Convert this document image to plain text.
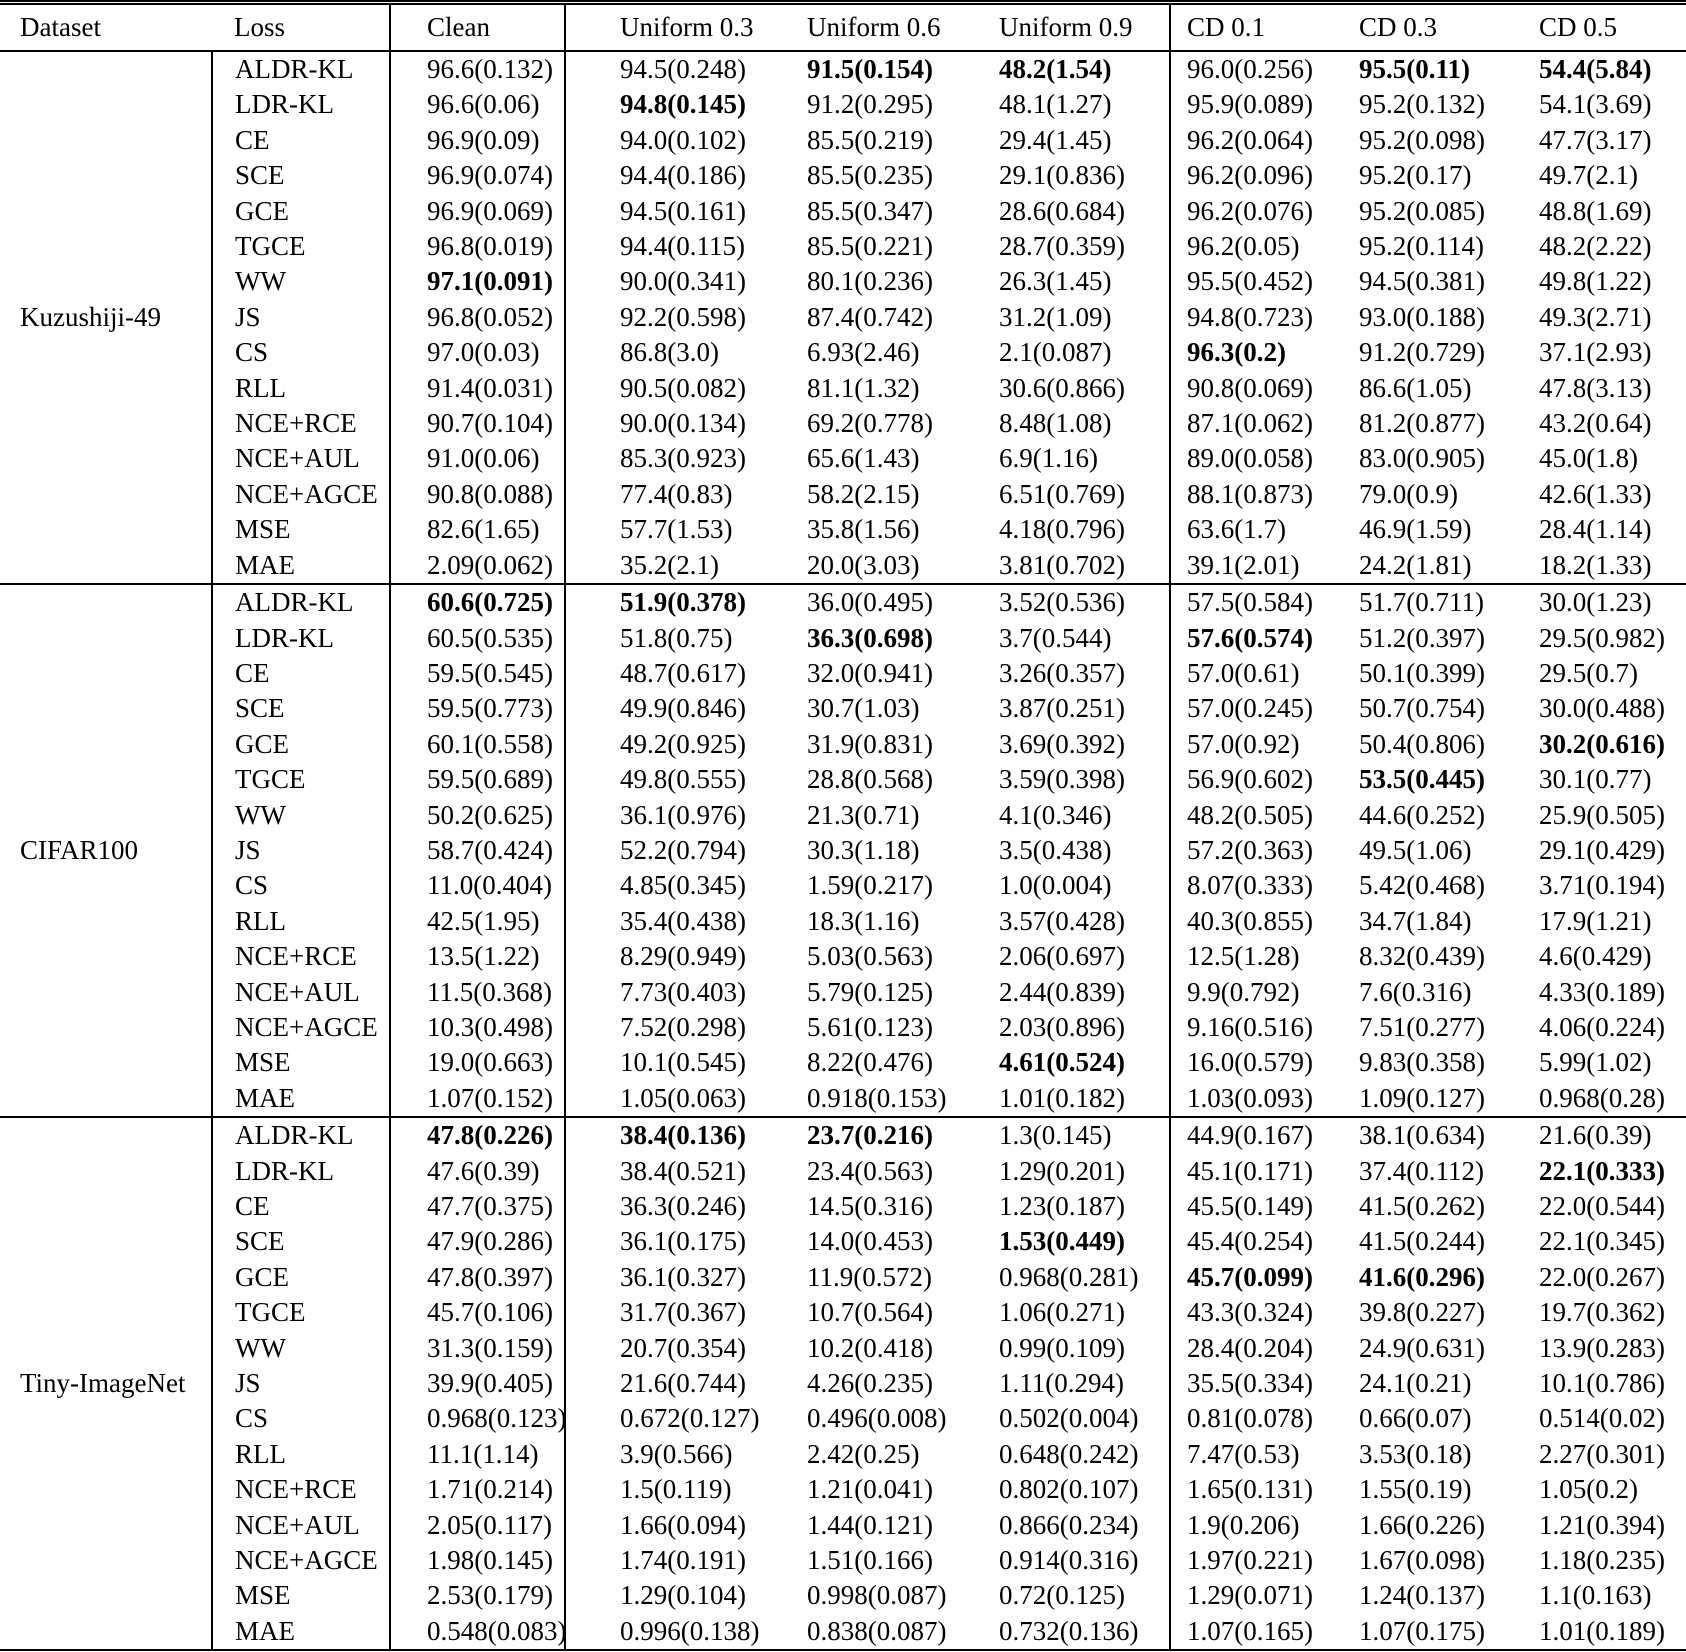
Dataset	Loss	Clean	Uniform 0.3	Uniform 0.6	Uniform 0.9	CD 0.1	CD 0.3	CD 0.5
Kuzushiji-49	ALDR-KL	96.6(0.132)	94.5(0.248)	91.5(0.154)	48.2(1.54)	96.0(0.256)	95.5(0.11)	54.4(5.84)
	LDR-KL	96.6(0.06)	94.8(0.145)	91.2(0.295)	48.1(1.27)	95.9(0.089)	95.2(0.132)	54.1(3.69)
	CE	96.9(0.09)	94.0(0.102)	85.5(0.219)	29.4(1.45)	96.2(0.064)	95.2(0.098)	47.7(3.17)
	SCE	96.9(0.074)	94.4(0.186)	85.5(0.235)	29.1(0.836)	96.2(0.096)	95.2(0.17)	49.7(2.1)
	GCE	96.9(0.069)	94.5(0.161)	85.5(0.347)	28.6(0.684)	96.2(0.076)	95.2(0.085)	48.8(1.69)
	TGCE	96.8(0.019)	94.4(0.115)	85.5(0.221)	28.7(0.359)	96.2(0.05)	95.2(0.114)	48.2(2.22)
	WW	97.1(0.091)	90.0(0.341)	80.1(0.236)	26.3(1.45)	95.5(0.452)	94.5(0.381)	49.8(1.22)
	JS	96.8(0.052)	92.2(0.598)	87.4(0.742)	31.2(1.09)	94.8(0.723)	93.0(0.188)	49.3(2.71)
	CS	97.0(0.03)	86.8(3.0)	6.93(2.46)	2.1(0.087)	96.3(0.2)	91.2(0.729)	37.1(2.93)
	RLL	91.4(0.031)	90.5(0.082)	81.1(1.32)	30.6(0.866)	90.8(0.069)	86.6(1.05)	47.8(3.13)
	NCE+RCE	90.7(0.104)	90.0(0.134)	69.2(0.778)	8.48(1.08)	87.1(0.062)	81.2(0.877)	43.2(0.64)
	NCE+AUL	91.0(0.06)	85.3(0.923)	65.6(1.43)	6.9(1.16)	89.0(0.058)	83.0(0.905)	45.0(1.8)
	NCE+AGCE	90.8(0.088)	77.4(0.83)	58.2(2.15)	6.51(0.769)	88.1(0.873)	79.0(0.9)	42.6(1.33)
	MSE	82.6(1.65)	57.7(1.53)	35.8(1.56)	4.18(0.796)	63.6(1.7)	46.9(1.59)	28.4(1.14)
	MAE	2.09(0.062)	35.2(2.1)	20.0(3.03)	3.81(0.702)	39.1(2.01)	24.2(1.81)	18.2(1.33)
CIFAR100	ALDR-KL	60.6(0.725)	51.9(0.378)	36.0(0.495)	3.52(0.536)	57.5(0.584)	51.7(0.711)	30.0(1.23)
	LDR-KL	60.5(0.535)	51.8(0.75)	36.3(0.698)	3.7(0.544)	57.6(0.574)	51.2(0.397)	29.5(0.982)
	CE	59.5(0.545)	48.7(0.617)	32.0(0.941)	3.26(0.357)	57.0(0.61)	50.1(0.399)	29.5(0.7)
	SCE	59.5(0.773)	49.9(0.846)	30.7(1.03)	3.87(0.251)	57.0(0.245)	50.7(0.754)	30.0(0.488)
	GCE	60.1(0.558)	49.2(0.925)	31.9(0.831)	3.69(0.392)	57.0(0.92)	50.4(0.806)	30.2(0.616)
	TGCE	59.5(0.689)	49.8(0.555)	28.8(0.568)	3.59(0.398)	56.9(0.602)	53.5(0.445)	30.1(0.77)
	WW	50.2(0.625)	36.1(0.976)	21.3(0.71)	4.1(0.346)	48.2(0.505)	44.6(0.252)	25.9(0.505)
	JS	58.7(0.424)	52.2(0.794)	30.3(1.18)	3.5(0.438)	57.2(0.363)	49.5(1.06)	29.1(0.429)
	CS	11.0(0.404)	4.85(0.345)	1.59(0.217)	1.0(0.004)	8.07(0.333)	5.42(0.468)	3.71(0.194)
	RLL	42.5(1.95)	35.4(0.438)	18.3(1.16)	3.57(0.428)	40.3(0.855)	34.7(1.84)	17.9(1.21)
	NCE+RCE	13.5(1.22)	8.29(0.949)	5.03(0.563)	2.06(0.697)	12.5(1.28)	8.32(0.439)	4.6(0.429)
	NCE+AUL	11.5(0.368)	7.73(0.403)	5.79(0.125)	2.44(0.839)	9.9(0.792)	7.6(0.316)	4.33(0.189)
	NCE+AGCE	10.3(0.498)	7.52(0.298)	5.61(0.123)	2.03(0.896)	9.16(0.516)	7.51(0.277)	4.06(0.224)
	MSE	19.0(0.663)	10.1(0.545)	8.22(0.476)	4.61(0.524)	16.0(0.579)	9.83(0.358)	5.99(1.02)
	MAE	1.07(0.152)	1.05(0.063)	0.918(0.153)	1.01(0.182)	1.03(0.093)	1.09(0.127)	0.968(0.28)
Tiny-ImageNet	ALDR-KL	47.8(0.226)	38.4(0.136)	23.7(0.216)	1.3(0.145)	44.9(0.167)	38.1(0.634)	21.6(0.39)
	LDR-KL	47.6(0.39)	38.4(0.521)	23.4(0.563)	1.29(0.201)	45.1(0.171)	37.4(0.112)	22.1(0.333)
	CE	47.7(0.375)	36.3(0.246)	14.5(0.316)	1.23(0.187)	45.5(0.149)	41.5(0.262)	22.0(0.544)
	SCE	47.9(0.286)	36.1(0.175)	14.0(0.453)	1.53(0.449)	45.4(0.254)	41.5(0.244)	22.1(0.345)
	GCE	47.8(0.397)	36.1(0.327)	11.9(0.572)	0.968(0.281)	45.7(0.099)	41.6(0.296)	22.0(0.267)
	TGCE	45.7(0.106)	31.7(0.367)	10.7(0.564)	1.06(0.271)	43.3(0.324)	39.8(0.227)	19.7(0.362)
	WW	31.3(0.159)	20.7(0.354)	10.2(0.418)	0.99(0.109)	28.4(0.204)	24.9(0.631)	13.9(0.283)
	JS	39.9(0.405)	21.6(0.744)	4.26(0.235)	1.11(0.294)	35.5(0.334)	24.1(0.21)	10.1(0.786)
	CS	0.968(0.123)	0.672(0.127)	0.496(0.008)	0.502(0.004)	0.81(0.078)	0.66(0.07)	0.514(0.02)
	RLL	11.1(1.14)	3.9(0.566)	2.42(0.25)	0.648(0.242)	7.47(0.53)	3.53(0.18)	2.27(0.301)
	NCE+RCE	1.71(0.214)	1.5(0.119)	1.21(0.041)	0.802(0.107)	1.65(0.131)	1.55(0.19)	1.05(0.2)
	NCE+AUL	2.05(0.117)	1.66(0.094)	1.44(0.121)	0.866(0.234)	1.9(0.206)	1.66(0.226)	1.21(0.394)
	NCE+AGCE	1.98(0.145)	1.74(0.191)	1.51(0.166)	0.914(0.316)	1.97(0.221)	1.67(0.098)	1.18(0.235)
	MSE	2.53(0.179)	1.29(0.104)	0.998(0.087)	0.72(0.125)	1.29(0.071)	1.24(0.137)	1.1(0.163)
	MAE	0.548(0.083)	0.996(0.138)	0.838(0.087)	0.732(0.136)	1.07(0.165)	1.07(0.175)	1.01(0.189)
